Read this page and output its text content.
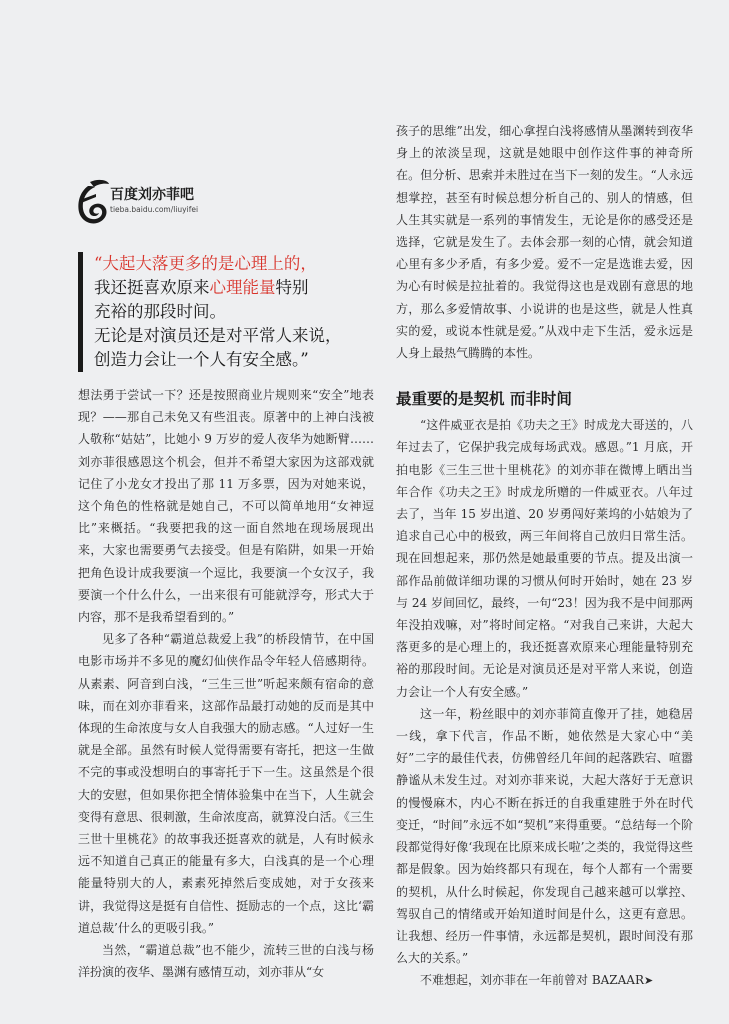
百度刘亦菲吧
tieba.baidu.com/liuyifei
“大起大落更多的是心理上的，
我还挺喜欢原来心理能量特别
充裕的那段时间。
无论是对演员还是对平常人来说，
创造力会让一个人有安全感。”

想法勇于尝试一下？还是按照商业片规则来“安全”地表现？——那自己未免又有些沮丧。原著中的上神白浅被人敬称“姑姑”，比她小 9 万岁的爱人夜华为她断臂……刘亦菲很感恩这个机会，但并不希望大家因为这部戏就记住了小龙女才投出了那 11 万多票，因为对她来说，这个角色的性格就是她自己，不可以简单地用“女神逗比”来概括。“我要把我的这一面自然地在现场展现出来，大家也需要勇气去接受。但是有陷阱，如果一开始把角色设计成我要演一个逗比，我要演一个女汉子，我要演一个什么什么，一出来很有可能就浮夸，形式大于内容，那不是我希望看到的。”

见多了各种“霸道总裁爱上我”的桥段情节，在中国电影市场并不多见的魔幻仙侠作品令年轻人倍感期待。从素素、阿音到白浅，“三生三世”听起来颇有宿命的意味，而在刘亦菲看来，这部作品最打动她的反而是其中体现的生命浓度与女人自我强大的励志感。“人过好一生就是全部。虽然有时候人觉得需要有寄托，把这一生做不完的事或没想明白的事寄托于下一生。这虽然是个很大的安慰，但如果你把全情体验集中在当下，人生就会变得有意思、很刺激，生命浓度高，就算没白活。《三生三世十里桃花》的故事我还挺喜欢的就是，人有时候永远不知道自己真正的能量有多大，白浅真的是一个心理能量特别大的人，素素死掉然后变成她，对于女孩来讲，我觉得这是挺有自信性、挺励志的一个点，这比‘霸道总裁’什么的更吸引我。”

当然，“霸道总裁”也不能少，流转三世的白浅与杨洋扮演的夜华、墨渊有感情互动，刘亦菲从“女

孩子的思维”出发，细心拿捏白浅将感情从墨渊转到夜华身上的浓淡呈现，这就是她眼中创作这件事的神奇所在。但分析、思索并未胜过在当下一刻的发生。“人永远想掌控，甚至有时候总想分析自己的、别人的情感，但人生其实就是一系列的事情发生，无论是你的感受还是选择，它就是发生了。去体会那一刻的心情，就会知道心里有多少矛盾，有多少爱。爱不一定是选谁去爱，因为心有时候是拉扯着的。我觉得这也是戏剧有意思的地方，那么多爱情故事、小说讲的也是这些，就是人性真实的爱，或说本性就是爱。”从戏中走下生活，爱永远是人身上最热气腾腾的本性。

最重要的是契机 而非时间

“这件威亚衣是拍《功夫之王》时成龙大哥送的，八年过去了，它保护我完成每场武戏。感恩。”1 月底，开拍电影《三生三世十里桃花》的刘亦菲在微博上晒出当年合作《功夫之王》时成龙所赠的一件威亚衣。八年过去了，当年 15 岁出道、20 岁勇闯好莱坞的小姑娘为了追求自己心中的极致，两三年间将自己放归日常生活。现在回想起来，那仍然是她最重要的节点。提及出演一部作品前做详细功课的习惯从何时开始时，她在 23 岁与 24 岁间回忆，最终，一句“23！因为我不是中间那两年没拍戏嘛，对”将时间定格。“对我自己来讲，大起大落更多的是心理上的，我还挺喜欢原来心理能量特别充裕的那段时间。无论是对演员还是对平常人来说，创造力会让一个人有安全感。”

这一年，粉丝眼中的刘亦菲简直像开了挂，她稳居一线，拿下代言，作品不断，她依然是大家心中“美好”二字的最佳代表，仿佛曾经几年间的起落跌宕、喧嚣静谧从未发生过。对刘亦菲来说，大起大落好于无意识的慢慢麻木，内心不断在拆迁的自我重建胜于外在时代变迁，“时间”永远不如“契机”来得重要。“总结每一个阶段都觉得好像‘我现在比原来成长啦’之类的，我觉得这些都是假象。因为始终都只有现在，每个人都有一个需要的契机，从什么时候起，你发现自己越来越可以掌控、驾驭自己的情绪或开始知道时间是什么，这更有意思。让我想、经历一件事情，永远都是契机，跟时间没有那么大的关系。”

不难想起，刘亦菲在一年前曾对 BAZAAR➤
